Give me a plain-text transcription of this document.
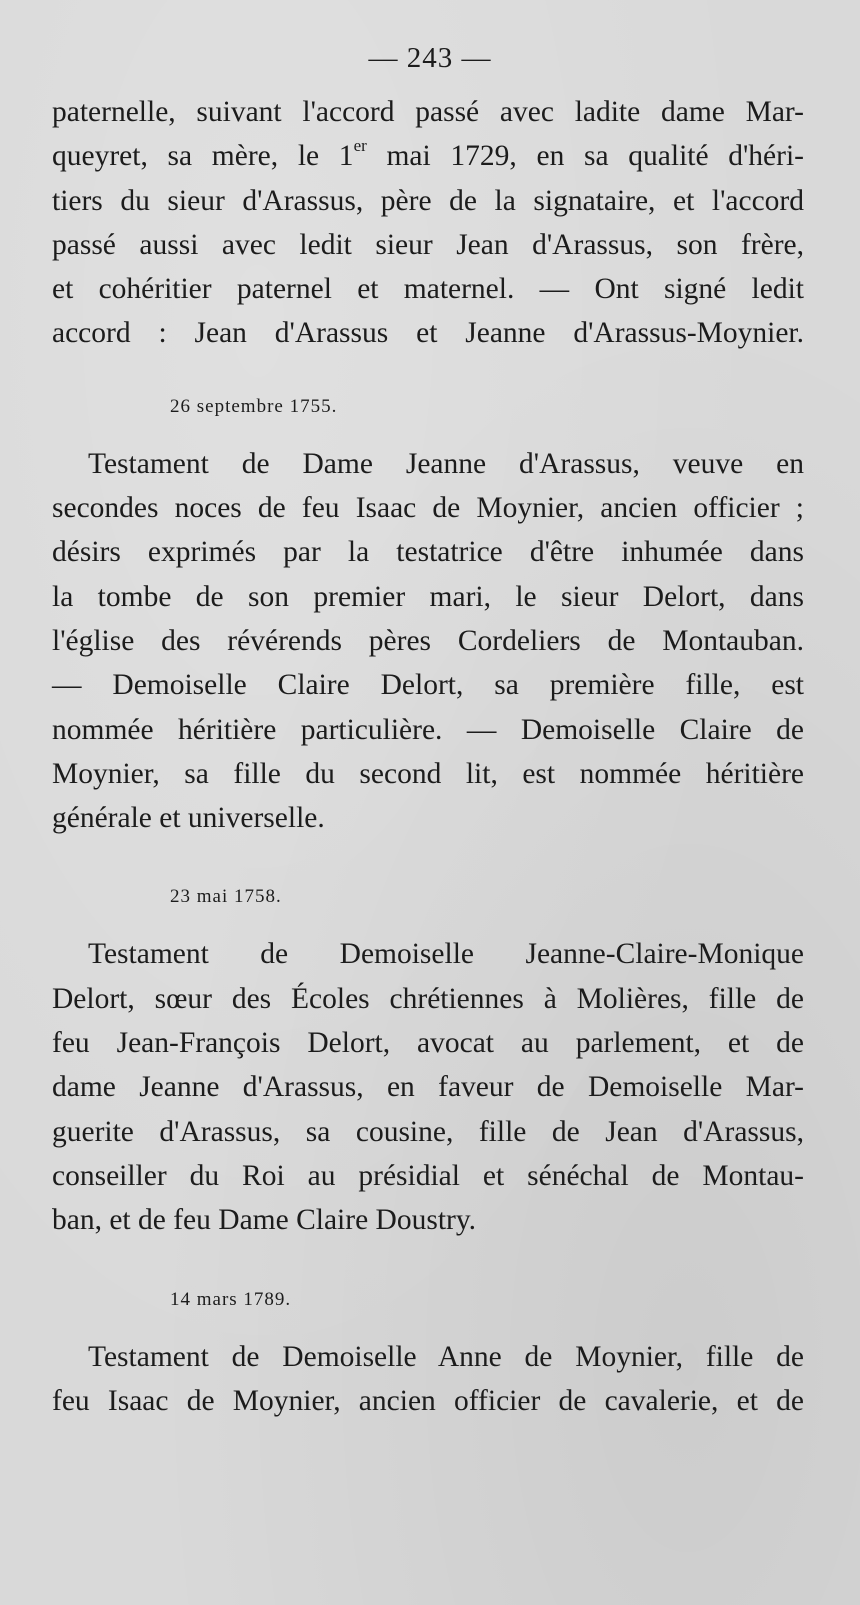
— 243 —

paternelle, suivant l'accord passé avec ladite dame Mar-
queyret, sa mère, le 1er mai 1729, en sa qualité d'héri-
tiers du sieur d'Arassus, père de la signataire, et l'accord
passé aussi avec ledit sieur Jean d'Arassus, son frère,
et cohéritier paternel et maternel. — Ont signé ledit
accord : Jean d'Arassus et Jeanne d'Arassus-Moynier.

26 septembre 1755.

Testament de Dame Jeanne d'Arassus, veuve en
secondes noces de feu Isaac de Moynier, ancien officier ;
désirs exprimés par la testatrice d'être inhumée dans
la tombe de son premier mari, le sieur Delort, dans
l'église des révérends pères Cordeliers de Montauban.
— Demoiselle Claire Delort, sa première fille, est
nommée héritière particulière. — Demoiselle Claire de
Moynier, sa fille du second lit, est nommée héritière
générale et universelle.

23 mai 1758.

Testament de Demoiselle Jeanne-Claire-Monique
Delort, sœur des Écoles chrétiennes à Molières, fille de
feu Jean-François Delort, avocat au parlement, et de
dame Jeanne d'Arassus, en faveur de Demoiselle Mar-
guerite d'Arassus, sa cousine, fille de Jean d'Arassus,
conseiller du Roi au présidial et sénéchal de Montau-
ban, et de feu Dame Claire Doustry.

14 mars 1789.

Testament de Demoiselle Anne de Moynier, fille de
feu Isaac de Moynier, ancien officier de cavalerie, et de
